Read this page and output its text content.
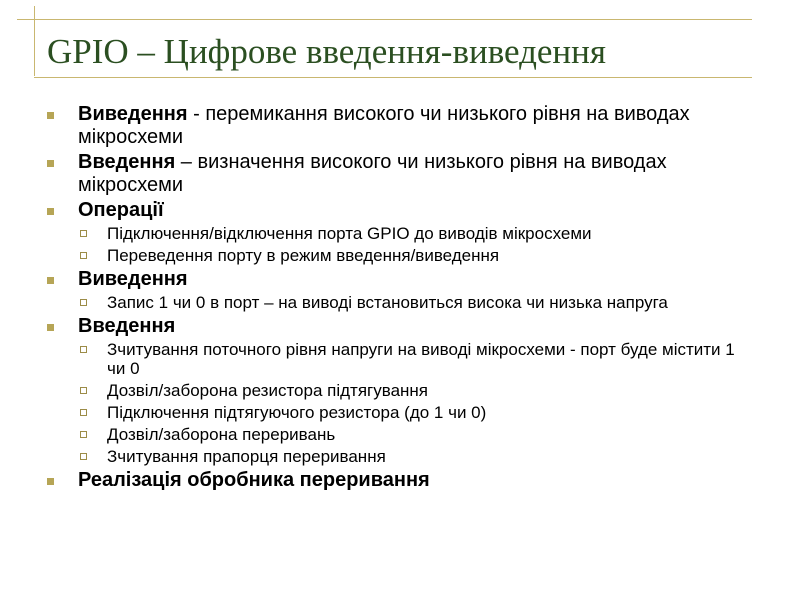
GPIO – Цифрове введення-виведення
Виведення - перемикання високого чи низького рівня на виводах мікросхеми
Введення – визначення високого чи низького рівня на виводах мікросхеми
Операції
Підключення/відключення порта GPIO до виводів мікросхеми
Переведення порту в режим введення/виведення
Виведення
Запис 1 чи 0 в порт – на виводі встановиться висока чи низька напруга
Введення
Зчитування поточного рівня напруги на виводі мікросхеми - порт буде містити 1 чи 0
Дозвіл/заборона резистора підтягування
Підключення підтягуючого резистора (до 1 чи 0)
Дозвіл/заборона переривань
Зчитування прапорця переривання
Реалізація обробника переривання
